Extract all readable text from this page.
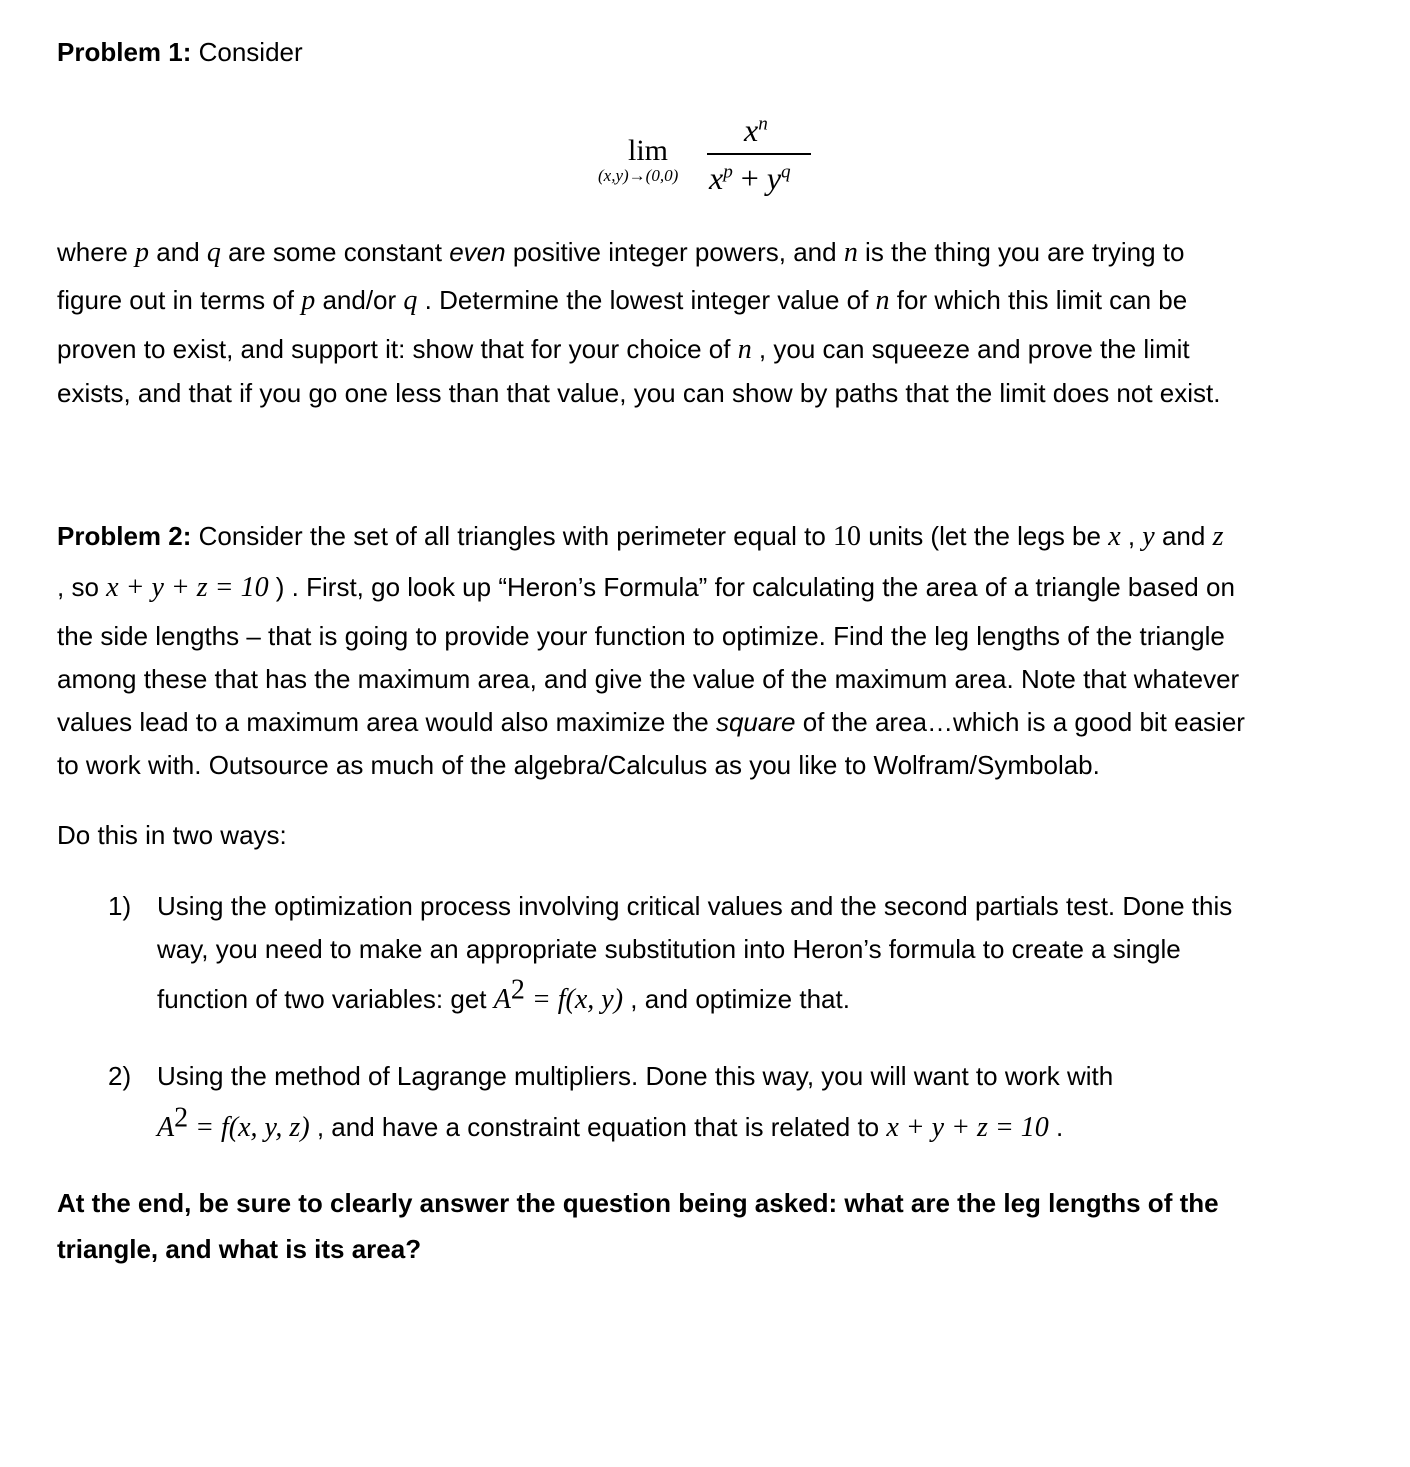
Problem 1: Consider
lim
(x,y)→(0,0)
$x^n$
$x^p + y^q$
where p and q are some constant even positive integer powers, and n is the thing you are trying to
figure out in terms of p and/or q . Determine the lowest integer value of n for which this limit can be
proven to exist, and support it: show that for your choice of n , you can squeeze and prove the limit
exists, and that if you go one less than that value, you can show by paths that the limit does not exist.
Problem 2: Consider the set of all triangles with perimeter equal to 10 units (let the legs be x , y and z
, so x + y + z = 10 ) . First, go look up “Heron’s Formula” for calculating the area of a triangle based on
the side lengths – that is going to provide your function to optimize. Find the leg lengths of the triangle
among these that has the maximum area, and give the value of the maximum area. Note that whatever
values lead to a maximum area would also maximize the square of the area…which is a good bit easier
to work with. Outsource as much of the algebra/Calculus as you like to Wolfram/Symbolab.
Do this in two ways:
1) Using the optimization process involving critical values and the second partials test. Done this
way, you need to make an appropriate substitution into Heron’s formula to create a single
function of two variables: get $A^2 = f(x$, y) , and optimize that.
2) Using the method of Lagrange multipliers. Done this way, you will want to work with
$A^2 = f(x$, y, z) , and have a constraint equation that is related to x + y + z = 10 .
At the end, be sure to clearly answer the question being asked: what are the leg lengths of the
triangle, and what is its area?
